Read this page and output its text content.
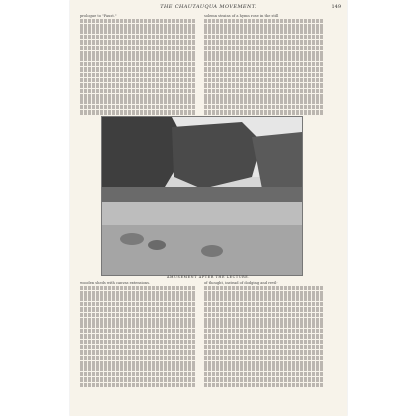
THE CHAUTAUQUA MOVEMENT.	149
prologue to "Faust."	solemn strains of a hymn rose in the still
AMUSEMENT AFTER THE LECTURE.
wooden sheds with canvas extensions.	of thought, instead of dodging and revil-
